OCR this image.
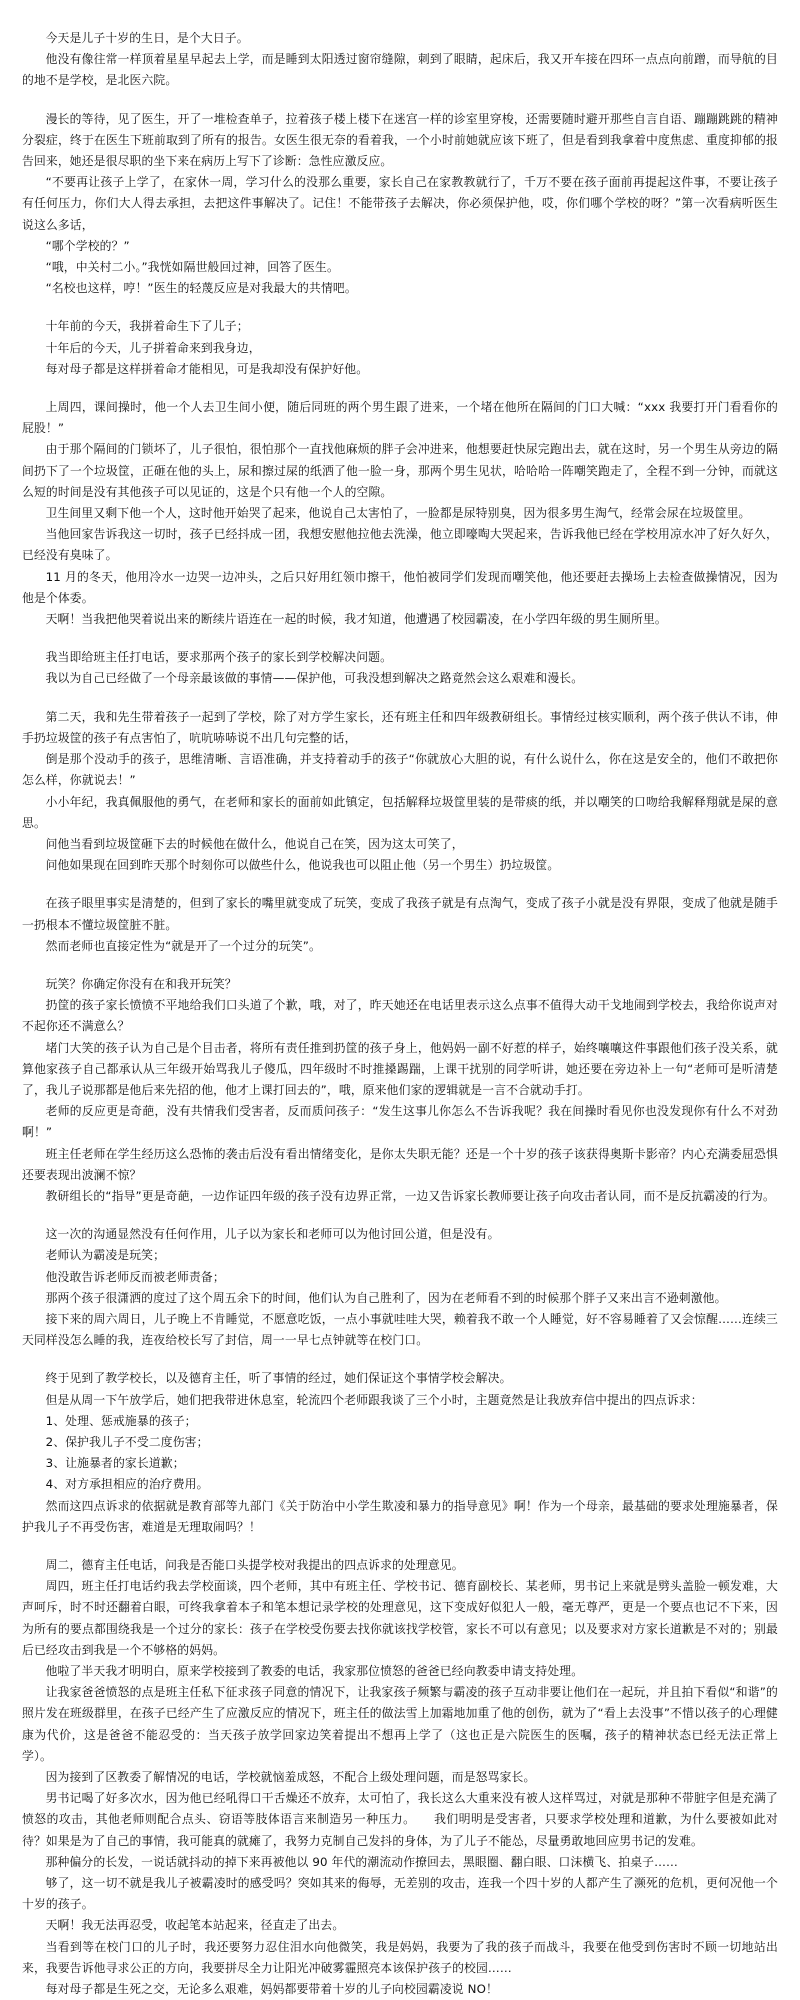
今天是儿子十岁的生日，是个大日子。

他没有像往常一样顶着星星早起去上学，而是睡到太阳透过窗帘缝隙，刺到了眼睛，起床后，我又开车接在四环一点点向前蹭，而导航的目的地不是学校，是北医六院。

漫长的等待，见了医生，开了一堆检查单子，拉着孩子楼上楼下在迷宫一样的诊室里穿梭，还需要随时避开那些自言自语、蹦蹦跳跳的精神分裂症，终于在医生下班前取到了所有的报告。女医生很无奈的看着我，一个小时前她就应该下班了，但是看到我拿着中度焦虑、重度抑郁的报告回来，她还是很尽职的坐下来在病历上写下了诊断：急性应激反应。

“不要再让孩子上学了，在家休一周，学习什么的没那么重要，家长自己在家教教就行了，千万不要在孩子面前再提起这件事，不要让孩子有任何压力，你们大人得去承担，去把这件事解决了。记住！不能带孩子去解决，你必须保护他，哎，你们哪个学校的呀？”第一次看病听医生说这么多话，

“哪个学校的？”

“哦，中关村二小。”我恍如隔世般回过神，回答了医生。

“名校也这样，哼！”医生的轻蔑反应是对我最大的共情吧。

十年前的今天，我拼着命生下了儿子；

十年后的今天，儿子拼着命来到我身边，

每对母子都是这样拼着命才能相见，可是我却没有保护好他。

上周四，课间操时，他一个人去卫生间小便，随后同班的两个男生跟了进来，一个堵在他所在隔间的门口大喊：“xxx 我要打开门看看你的屁股！”

由于那个隔间的门锁坏了，儿子很怕，很怕那个一直找他麻烦的胖子会冲进来，他想要赶快尿完跑出去，就在这时，另一个男生从旁边的隔间扔下了一个垃圾筐，正砸在他的头上，尿和擦过屎的纸洒了他一脸一身，那两个男生见状，哈哈哈一阵嘲笑跑走了，全程不到一分钟，而就这么短的时间是没有其他孩子可以见证的，这是个只有他一个人的空隙。

卫生间里又剩下他一个人，这时他开始哭了起来，他说自己太害怕了，一脸都是尿特别臭，因为很多男生淘气，经常会尿在垃圾筐里。

当他回家告诉我这一切时，孩子已经抖成一团，我想安慰他拉他去洗澡，他立即嚎啕大哭起来，告诉我他已经在学校用凉水冲了好久好久，已经没有臭味了。

11 月的冬天，他用冷水一边哭一边冲头，之后只好用红领巾擦干，他怕被同学们发现而嘲笑他，他还要赶去操场上去检查做操情况，因为他是个体委。

天啊！当我把他哭着说出来的断续片语连在一起的时候，我才知道，他遭遇了校园霸凌，在小学四年级的男生厕所里。

我当即给班主任打电话，要求那两个孩子的家长到学校解决问题。

我以为自己已经做了一个母亲最该做的事情——保护他，可我没想到解决之路竟然会这么艰难和漫长。

第二天，我和先生带着孩子一起到了学校，除了对方学生家长，还有班主任和四年级教研组长。事情经过核实顺利，两个孩子供认不讳，伸手扔垃圾筐的孩子有点害怕了，吭吭哧哧说不出几句完整的话，

倒是那个没动手的孩子，思维清晰、言语准确，并支持着动手的孩子“你就放心大胆的说，有什么说什么，你在这是安全的，他们不敢把你怎么样，你就说去！”

小小年纪，我真佩服他的勇气，在老师和家长的面前如此镇定，包括解释垃圾筐里装的是带痰的纸，并以嘲笑的口吻给我解释翔就是屎的意思。

问他当看到垃圾筐砸下去的时候他在做什么，他说自己在笑，因为这太可笑了，

问他如果现在回到昨天那个时刻你可以做些什么，他说我也可以阻止他（另一个男生）扔垃圾筐。

在孩子眼里事实是清楚的，但到了家长的嘴里就变成了玩笑，变成了我孩子就是有点淘气，变成了孩子小就是没有界限，变成了他就是随手一扔根本不懂垃圾筐脏不脏。

然而老师也直接定性为“就是开了一个过分的玩笑”。

玩笑？你确定你没有在和我开玩笑？

扔筐的孩子家长愤愤不平地给我们口头道了个歉，哦，对了，昨天她还在电话里表示这么点事不值得大动干戈地闹到学校去，我给你说声对不起你还不满意么？

堵门大笑的孩子认为自己是个目击者，将所有责任推到扔筐的孩子身上，他妈妈一副不好惹的样子，始终嚷嚷这件事跟他们孩子没关系，就算他家孩子自己都承认从三年级开始骂我儿子傻瓜，四年级时不时推搡踢踹，上课干扰别的同学听讲，她还要在旁边补上一句“老师可是听清楚了，我儿子说那都是他后来先招的他，他才上课打回去的”，哦，原来他们家的逻辑就是一言不合就动手打。

老师的反应更是奇葩，没有共情我们受害者，反而质问孩子：“发生这事儿你怎么不告诉我呢？我在间操时看见你也没发现你有什么不对劲啊！”

班主任老师在学生经历这么恐怖的袭击后没有看出情绪变化，是你太失职无能？还是一个十岁的孩子该获得奥斯卡影帝？内心充满委屈恐惧还要表现出波澜不惊？

教研组长的“指导”更是奇葩，一边作证四年级的孩子没有边界正常，一边又告诉家长教师要让孩子向攻击者认同，而不是反抗霸凌的行为。

这一次的沟通显然没有任何作用，儿子以为家长和老师可以为他讨回公道，但是没有。

老师认为霸凌是玩笑；

他没敢告诉老师反而被老师责备；

那两个孩子很潇洒的度过了这个周五余下的时间，他们认为自己胜利了，因为在老师看不到的时候那个胖子又来出言不逊刺激他。

接下来的周六周日，儿子晚上不肯睡觉，不愿意吃饭，一点小事就哇哇大哭，赖着我不敢一个人睡觉，好不容易睡着了又会惊醒……连续三天同样没怎么睡的我，连夜给校长写了封信，周一一早七点钟就等在校门口。

终于见到了教学校长，以及德育主任，听了事情的经过，她们保证这个事情学校会解决。

但是从周一下午放学后，她们把我带进休息室，轮流四个老师跟我谈了三个小时，主题竟然是让我放弃信中提出的四点诉求：

1、处理、惩戒施暴的孩子；

2、保护我儿子不受二度伤害；

3、让施暴者的家长道歉；

4、对方承担相应的治疗费用。

然而这四点诉求的依据就是教育部等九部门《关于防治中小学生欺凌和暴力的指导意见》啊！作为一个母亲，最基础的要求处理施暴者，保护我儿子不再受伤害，难道是无理取闹吗？！

周二，德育主任电话，问我是否能口头提学校对我提出的四点诉求的处理意见。

周四，班主任打电话约我去学校面谈，四个老师，其中有班主任、学校书记、德育副校长、某老师，男书记上来就是劈头盖脸一顿发难，大声呵斥，时不时还翻着白眼，可终我拿着本子和笔本想记录学校的处理意见，这下变成好似犯人一般，毫无尊严，更是一个要点也记不下来，因为所有的要点都围绕我是一个过分的家长：孩子在学校受伤要去找你就该找学校管，家长不可以有意见；以及要求对方家长道歉是不对的；别最后已经攻击到我是一个不够格的妈妈。

他啦了半天我才明明白，原来学校接到了教委的电话，我家那位愤怒的爸爸已经向教委申请支持处理。

让我家爸爸愤怒的点是班主任私下征求孩子同意的情况下，让我家孩子频繁与霸凌的孩子互动非要让他们在一起玩，并且拍下看似“和谐”的照片发在班级群里，在孩子已经产生了应激反应的情况下，班主任的做法雪上加霜地加重了他的创伤，就为了“看上去没事”不惜以孩子的心理健康为代价，这是爸爸不能忍受的：当天孩子放学回家边笑着提出不想再上学了（这也正是六院医生的医嘱，孩子的精神状态已经无法正常上学）。

因为接到了区教委了解情况的电话，学校就恼羞成怒，不配合上级处理问题，而是怒骂家长。

男书记喝了好多次水，因为他已经吼得口干舌燥还不放弃，太可怕了，我长这么大重来没有被人这样骂过，对就是那种不带脏字但是充满了愤怒的攻击，其他老师则配合点头、窃语等肢体语言来制造另一种压力。　　我们明明是受害者，只要求学校处理和道歉，为什么要被如此对待？如果是为了自己的事情，我可能真的就瘫了，我努力克制自己发抖的身体，为了儿子不能怂，尽量勇敢地回应男书记的发难。

那种偏分的长发，一说话就抖动的掉下来再被他以 90 年代的潮流动作撩回去，黑眼圈、翻白眼、口沫横飞、拍桌子……

够了，这一切不就是我儿子被霸凌时的感受吗？突如其来的侮辱，无差别的攻击，连我一个四十岁的人都产生了濒死的危机，更何况他一个十岁的孩子。

天啊！我无法再忍受，收起笔本站起来，径直走了出去。

当看到等在校门口的儿子时，我还要努力忍住泪水向他微笑，我是妈妈，我要为了我的孩子而战斗，我要在他受到伤害时不顾一切地站出来，我要告诉他寻求公正的方向，我要拼尽全力让阳光冲破雾霾照亮本该保护孩子的校园……

每对母子都是生死之交，无论多么艰难，妈妈都要带着十岁的儿子向校园霸凌说 NO！
